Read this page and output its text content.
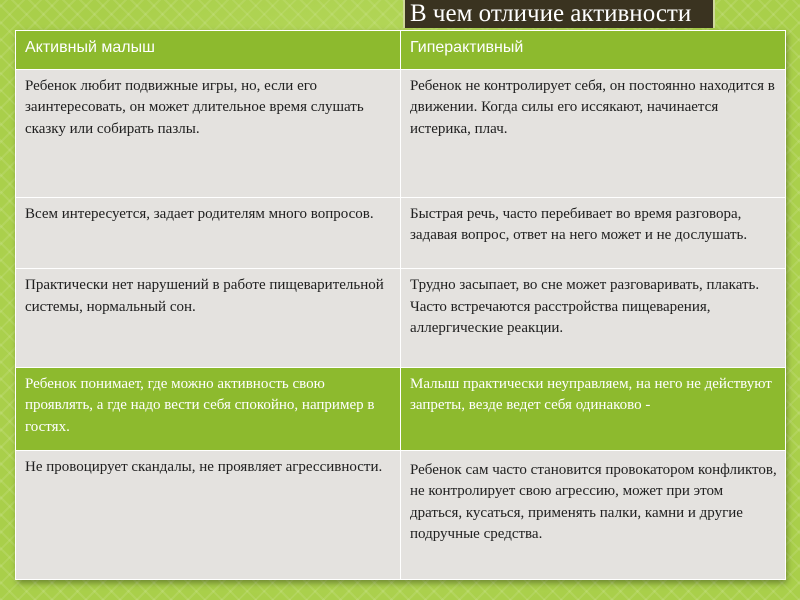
В чем отличие активности
Активный малыш	Гиперактивный
Ребенок любит подвижные игры, но, если его заинтересовать, он может длительное время слушать сказку или собирать пазлы.	Ребенок не контролирует себя, он постоянно находится в движении. Когда силы его иссякают, начинается истерика, плач.
Всем интересуется, задает родителям много вопросов.	Быстрая речь, часто перебивает во время разговора, задавая вопрос, ответ на него может и не дослушать.
Практически нет нарушений в работе пищеварительной системы, нормальный сон.	Трудно засыпает, во сне может разговаривать, плакать. Часто встречаются расстройства пищеварения, аллергические реакции.
Ребенок понимает, где можно активность свою проявлять, а где надо вести себя спокойно, например в гостях.	Малыш практически неуправляем, на него не действуют запреты, везде ведет себя одинаково -
Не провоцирует скандалы, не проявляет агрессивности.	Ребенок сам часто становится провокатором конфликтов, не контролирует свою агрессию, может при этом драться, кусаться, применять палки, камни и другие подручные средства.
